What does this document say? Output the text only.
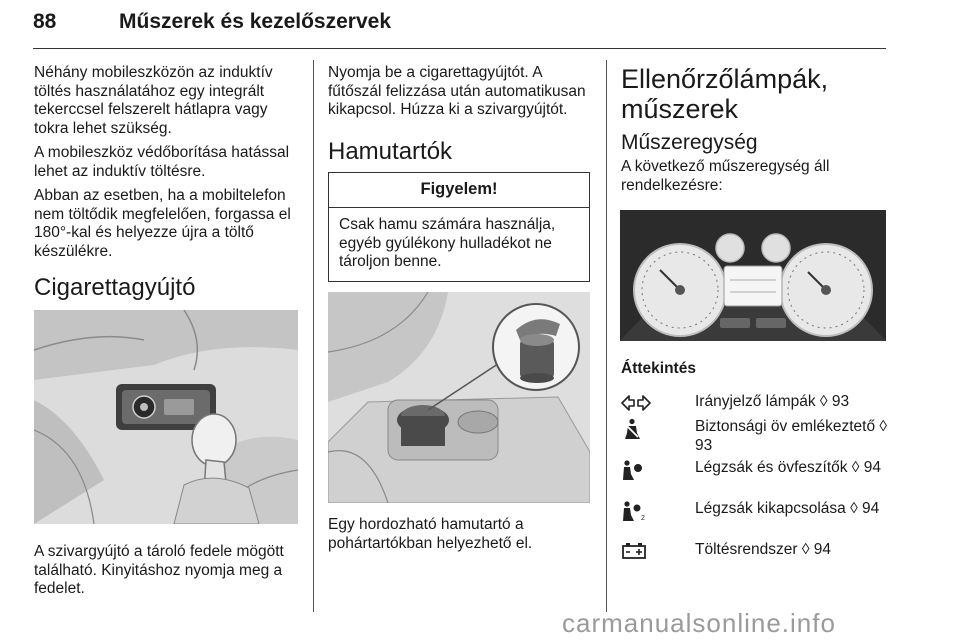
88	Műszerek és kezelőszervek

Néhány mobileszközön az induktív töltés használatához egy integrált tekerccsel felszerelt hátlapra vagy tokra lehet szükség.

A mobileszköz védőborítása hatással lehet az induktív töltésre.

Abban az esetben, ha a mobiltelefon nem töltődik megfelelően, forgassa el 180°-kal és helyezze újra a töltő készülékre.

Cigarettagyújtó

A szivargyújtó a tároló fedele mögött található. Kinyitáshoz nyomja meg a fedelet.

Nyomja be a cigarettagyújtót. A fűtőszál felizzása után automatikusan kikapcsol. Húzza ki a szivargyújtót.

Hamutartók
Figyelem!
Csak hamu számára használja, egyéb gyúlékony hulladékot ne tároljon benne.

Egy hordozható hamutartó a pohártartókban helyezhető el.

Ellenőrzőlámpák, műszerek
Műszeregység

A következő műszeregység áll rendelkezésre:

Áttekintés
Irányjelző lámpák ◊ 93
Biztonsági öv emlékeztető ◊ 93
Légzsák és övfeszítők ◊ 94
2
Légzsák kikapcsolása ◊ 94
Töltésrendszer ◊ 94
carmanualsonline.info
